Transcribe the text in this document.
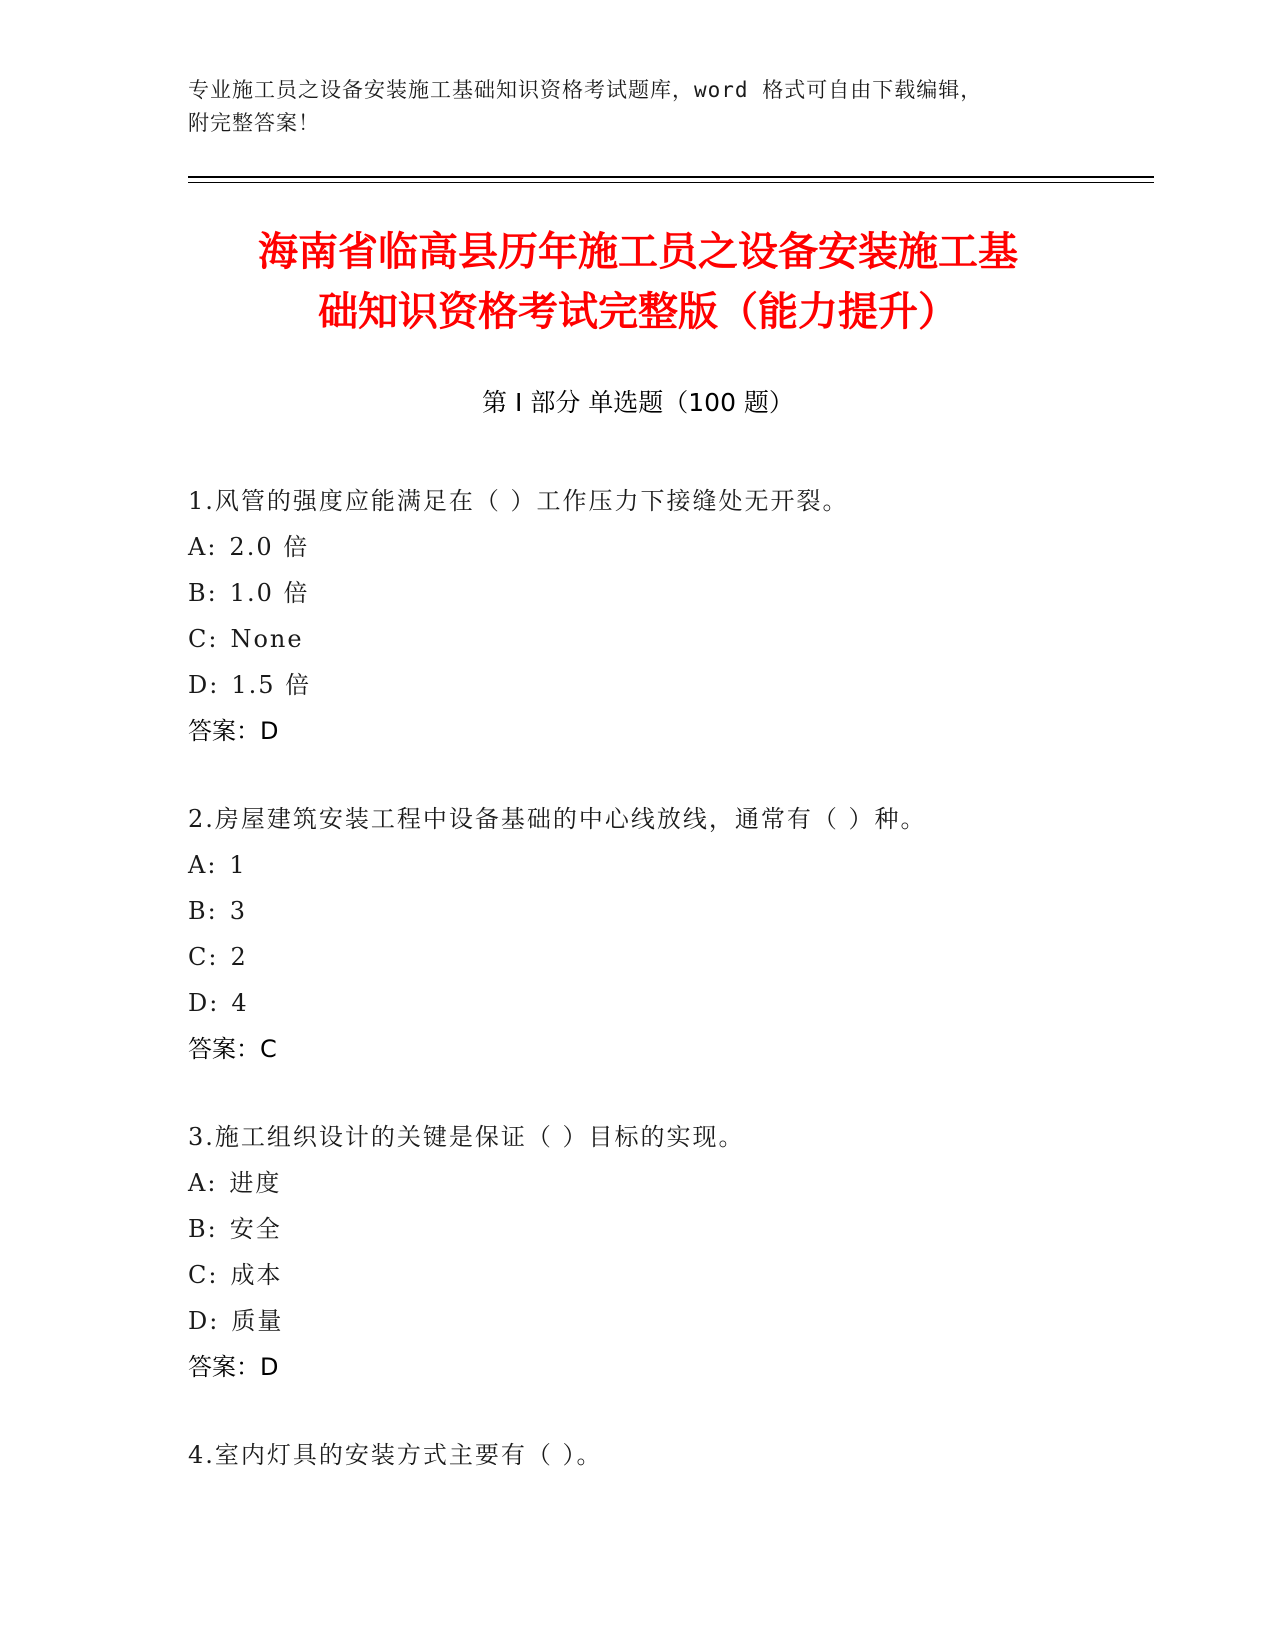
专业施工员之设备安装施工基础知识资格考试题库，word 格式可自由下载编辑，
附完整答案！
海南省临高县历年施工员之设备安装施工基
础知识资格考试完整版（能力提升）
第 I 部分 单选题（100 题）
1.风管的强度应能满足在（ ）工作压力下接缝处无开裂。
A: 2.0 倍
B: 1.0 倍
C: None
D: 1.5 倍
答案：D
2.房屋建筑安装工程中设备基础的中心线放线，通常有（ ）种。
A: 1
B: 3
C: 2
D: 4
答案：C
3.施工组织设计的关键是保证（ ）目标的实现。
A: 进度
B: 安全
C: 成本
D: 质量
答案：D
4.室内灯具的安装方式主要有（ ）。
